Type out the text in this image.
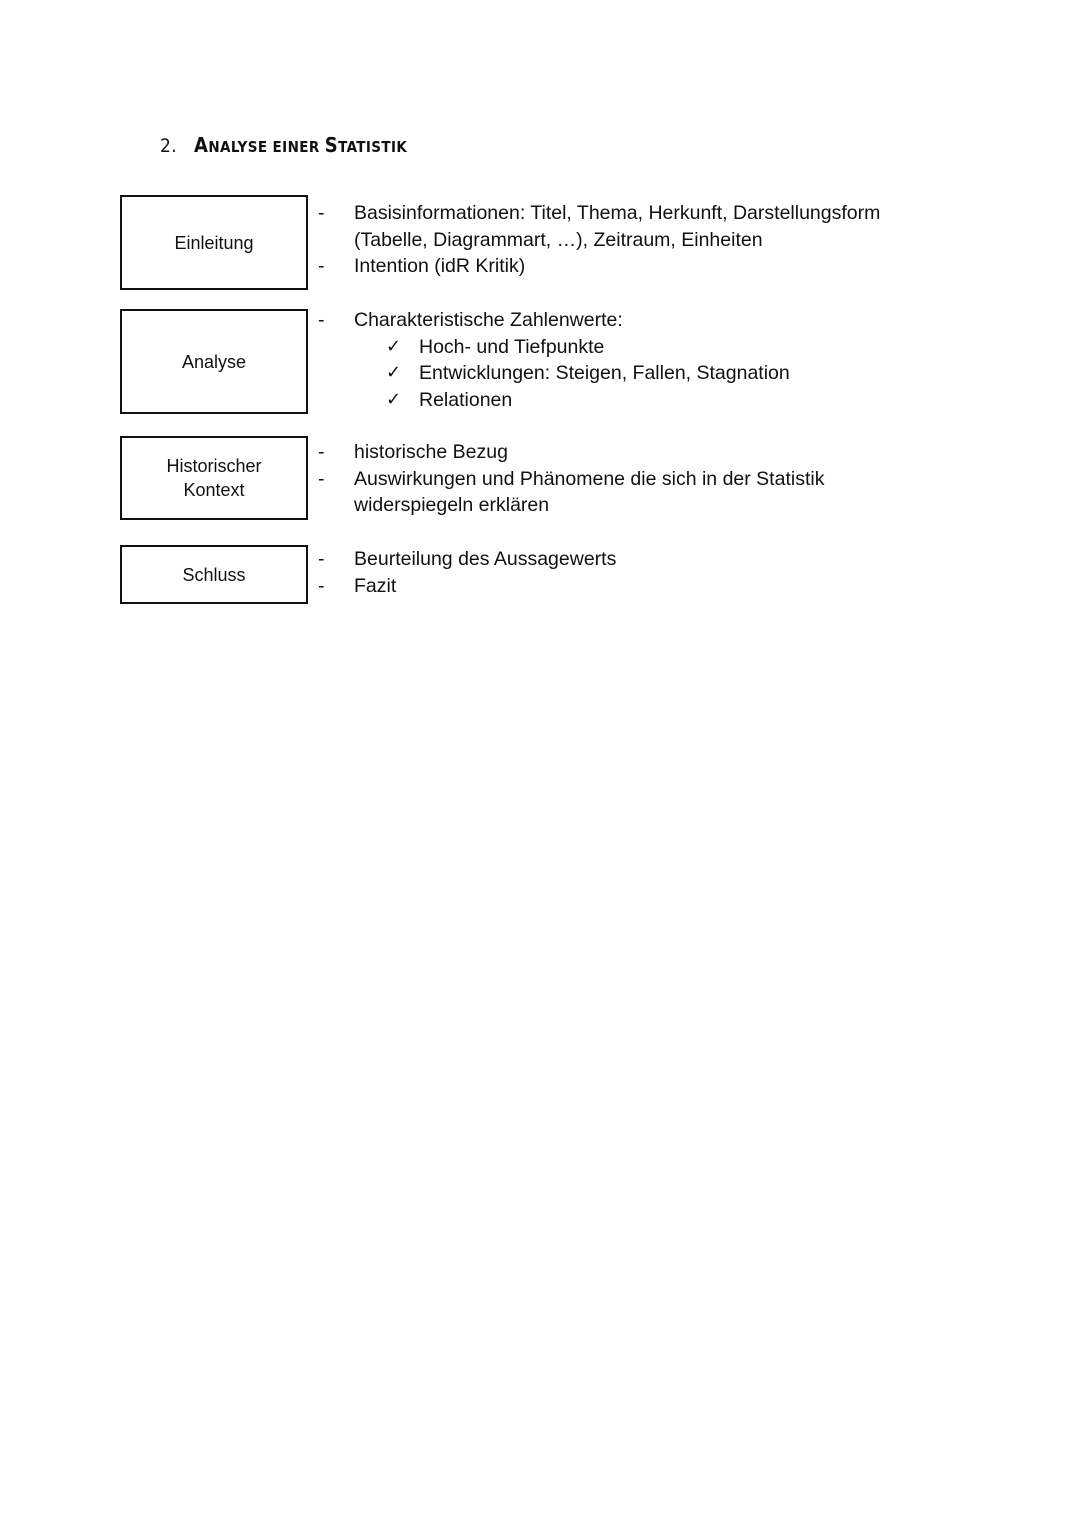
2. ANALYSE EINER STATISTIK
Einleitung
- Basisinformationen: Titel, Thema, Herkunft, Darstellungsform

- (Tabelle, Diagrammart, …), Zeitraum, Einheiten
- Intention (idR Kritik)
Analyse
- Charakteristische Zahlenwerte:
✓ Hoch- und Tiefpunkte
✓ Entwicklungen: Steigen, Fallen, Stagnation
✓ Relationen
Historischer
Kontext
- historische Bezug
- Auswirkungen und Phänomene die sich in der Statistik

- widerspiegeln erklären
Schluss
- Beurteilung des Aussagewerts
- Fazit
